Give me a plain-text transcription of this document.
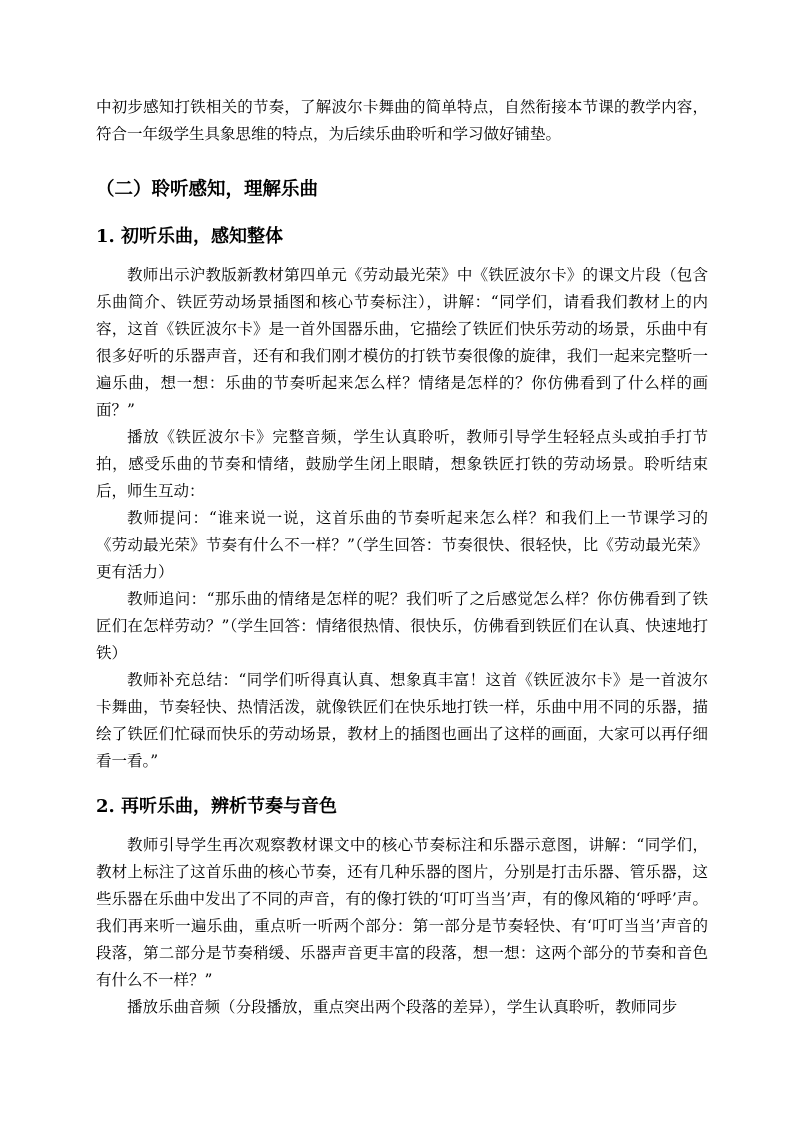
中初步感知打铁相关的节奏，了解波尔卡舞曲的简单特点，自然衔接本节课的教学内容，符合一年级学生具象思维的特点，为后续乐曲聆听和学习做好铺垫。

（二）聆听感知，理解乐曲
1. 初听乐曲，感知整体

教师出示沪教版新教材第四单元《劳动最光荣》中《铁匠波尔卡》的课文片段（包含乐曲简介、铁匠劳动场景插图和核心节奏标注），讲解：“同学们，请看我们教材上的内容，这首《铁匠波尔卡》是一首外国器乐曲，它描绘了铁匠们快乐劳动的场景，乐曲中有很多好听的乐器声音，还有和我们刚才模仿的打铁节奏很像的旋律，我们一起来完整听一遍乐曲，想一想：乐曲的节奏听起来怎么样？情绪是怎样的？你仿佛看到了什么样的画面？”

播放《铁匠波尔卡》完整音频，学生认真聆听，教师引导学生轻轻点头或拍手打节拍，感受乐曲的节奏和情绪，鼓励学生闭上眼睛，想象铁匠打铁的劳动场景。聆听结束后，师生互动：

教师提问：“谁来说一说，这首乐曲的节奏听起来怎么样？和我们上一节课学习的《劳动最光荣》节奏有什么不一样？”（学生回答：节奏很快、很轻快，比《劳动最光荣》更有活力）

教师追问：“那乐曲的情绪是怎样的呢？我们听了之后感觉怎么样？你仿佛看到了铁匠们在怎样劳动？”（学生回答：情绪很热情、很快乐，仿佛看到铁匠们在认真、快速地打铁）

教师补充总结：“同学们听得真认真、想象真丰富！这首《铁匠波尔卡》是一首波尔卡舞曲，节奏轻快、热情活泼，就像铁匠们在快乐地打铁一样，乐曲中用不同的乐器，描绘了铁匠们忙碌而快乐的劳动场景，教材上的插图也画出了这样的画面，大家可以再仔细看一看。”

2. 再听乐曲，辨析节奏与音色

教师引导学生再次观察教材课文中的核心节奏标注和乐器示意图，讲解：“同学们，教材上标注了这首乐曲的核心节奏，还有几种乐器的图片，分别是打击乐器、管乐器，这些乐器在乐曲中发出了不同的声音，有的像打铁的‘叮叮当当’声，有的像风箱的‘呼呼’声。我们再来听一遍乐曲，重点听一听两个部分：第一部分是节奏轻快、有‘叮叮当当’声音的段落，第二部分是节奏稍缓、乐器声音更丰富的段落，想一想：这两个部分的节奏和音色有什么不一样？”

播放乐曲音频（分段播放，重点突出两个段落的差异），学生认真聆听，教师同步
